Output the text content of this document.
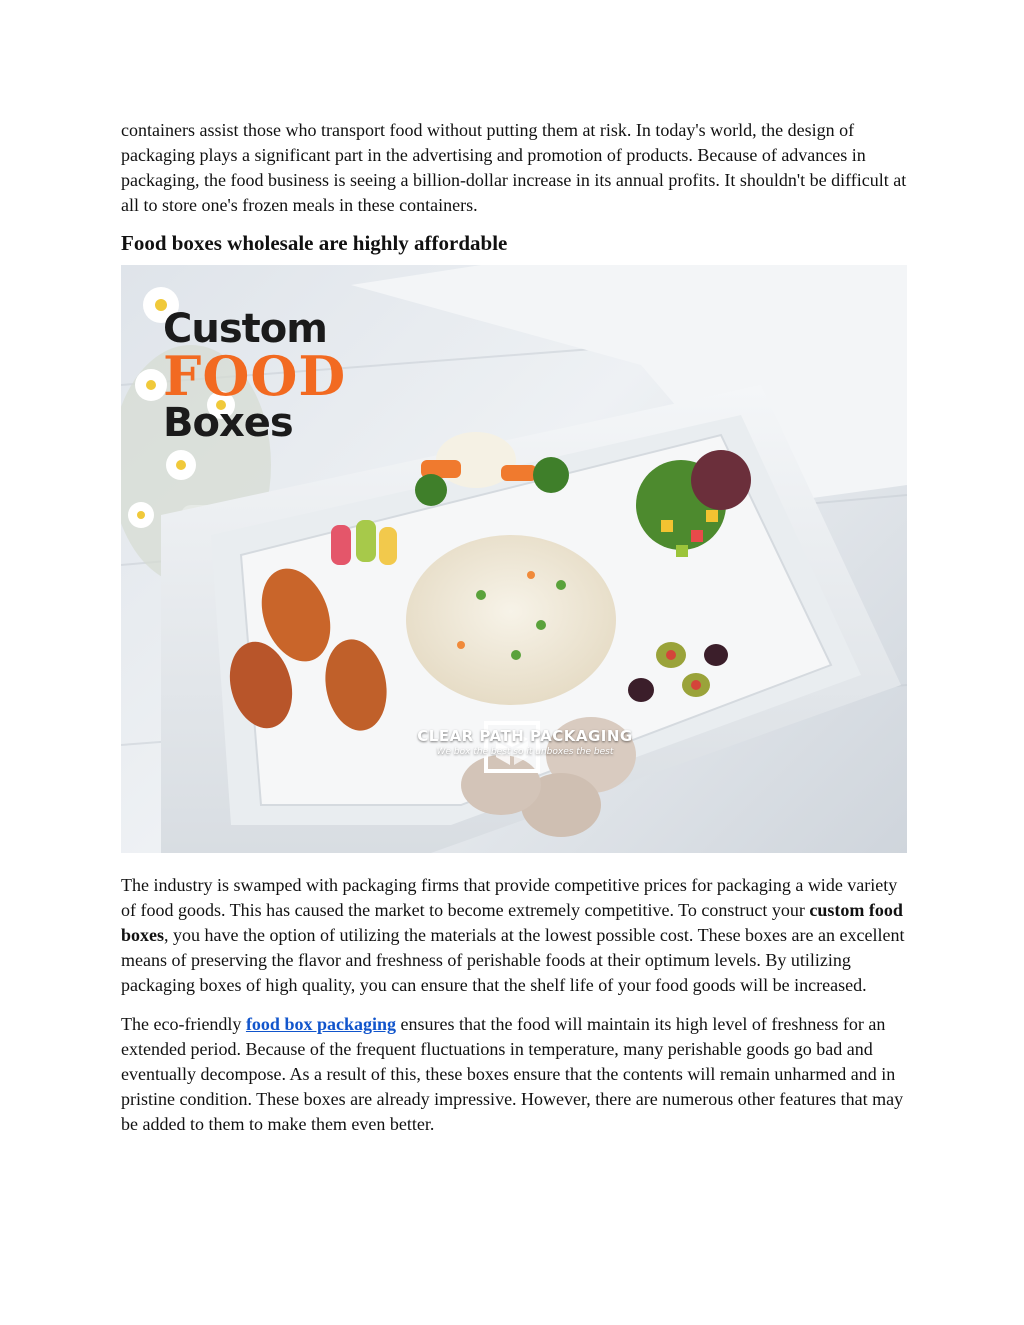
containers assist those who transport food without putting them at risk. In today's world, the design of packaging plays a significant part in the advertising and promotion of products. Because of advances in packaging, the food business is seeing a billion-dollar increase in its annual profits. It shouldn't be difficult at all to store one's frozen meals in these containers.

Food boxes wholesale are highly affordable
Custom
FOOD
Boxes
CLEAR PATH PACKAGING
We box the best so it unboxes the best

The industry is swamped with packaging firms that provide competitive prices for packaging a wide variety of food goods. This has caused the market to become extremely competitive. To construct your custom food boxes, you have the option of utilizing the materials at the lowest possible cost. These boxes are an excellent means of preserving the flavor and freshness of perishable foods at their optimum levels. By utilizing packaging boxes of high quality, you can ensure that the shelf life of your food goods will be increased.

The eco-friendly food box packaging ensures that the food will maintain its high level of freshness for an extended period. Because of the frequent fluctuations in temperature, many perishable goods go bad and eventually decompose. As a result of this, these boxes ensure that the contents will remain unharmed and in pristine condition. These boxes are already impressive. However, there are numerous other features that may be added to them to make them even better.
